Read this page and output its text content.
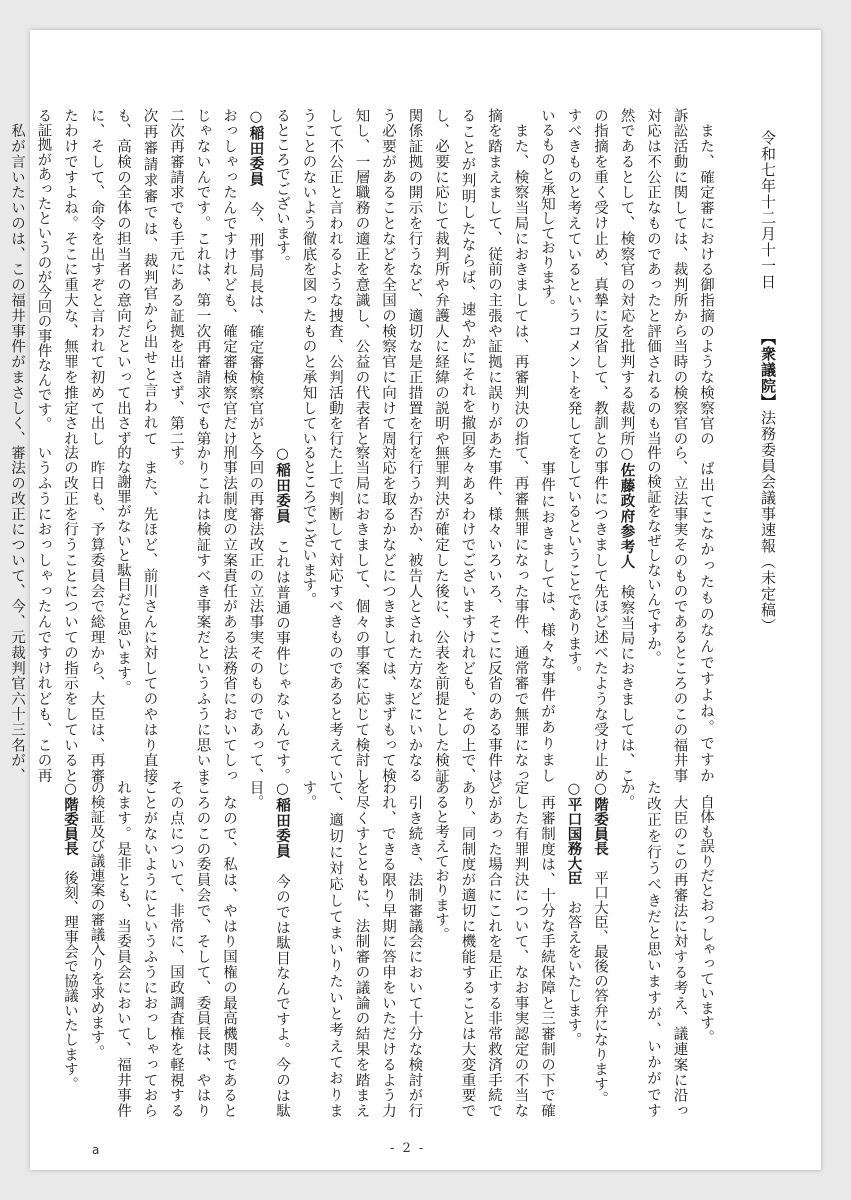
令和七年十二月十一日
【衆議院】法務委員会議事速報（未定稿）

　また、確定審における御指摘のような検察官の訴訟活動に関しては、裁判所から当時の検察官の対応は不公正なものであったと評価されるのも当然であるとして、検察官の対応を批判する裁判所の指摘を重く受け止め、真摯に反省して、教訓とすべきものと考えているというコメントを発しているものと承知しております。

　また、検察当局におきましては、再審判決の指摘を踏まえまして、従前の主張や証拠に誤りがあることが判明したならば、速やかにそれを撤回し、必要に応じて裁判所や弁護人に経緯の説明や関係証拠の開示を行うなど、適切な是正措置を行う必要があることなどを全国の検察官に向けて周知し、一層職務の適正を意識し、公益の代表者として不公正と言われるような捜査、公判活動を行うことのないよう徹底を図ったものと承知しているところでございます。

○稲田委員　今、刑事局長は、確定審検察官がとおっしゃったんですけれども、確定審検察官だけじゃないんです。これは、第一次再審請求でも第二次再審請求でも手元にある証拠を出さず、第二次再審請求審では、裁判官から出せと言われても、高検の全体の担当者の意向だといって出さずに、そして、命令を出すぞと言われて初めて出したわけですよね。そこに重大な、無罪を推定される証拠があったというのが今回の事件なんです。

　私が言いたいのは、この福井事件がまさしく、

　ば出てこなかったものなんですよね。ですから、立法事実そのものであるところのこの福井事件の検証をなぜしないんですか。

○佐藤政府参考人　検察当局におきましては、この事件につきまして先ほど述べたような受け止めをしているということであります。

　事件におきましては、様々な事件がありまして、再審無罪になった事件、通常審で無罪になった事件、様々いろいろ、そこに反省のある事件は多々あるわけでございますけれども、その上で、無罪判決が確定した後に、公表を前提とした検証を行うか否か、被告人とされた方などにいかなる対応を取るかなどにつきましては、まずもって検察当局におきまして、個々の事案に応じて検討した上で判断して対応すべきものであると考えているところでございます。

○稲田委員　これは普通の事件じゃないんです。今回の再審法改正の立法事実そのものであって、刑事法制度の立案責任がある法務省においてしっかりこれは検証すべき事案だというふうに思います。

　また、先ほど、前川さんに対してのやはり直接的な謝罪がないと駄目だと思います。

　昨日も、予算委員会で総理から、大臣は、再審法の改正を行うことについての指示をしているというふうにおっしゃったんですけれども、この再審法の改正について、今、元裁判官六十三名が、

　自体も誤りだとおっしゃっています。

　大臣のこの再審法に対する考え、議連案に沿った改正を行うべきだと思いますが、いかがですか。

○階委員長　平口大臣、最後の答弁になります。

○平口国務大臣　お答えをいたします。

　再審制度は、十分な手続保障と三審制の下で確定した有罪判決について、なお事実認定の不当などがあった場合にこれを是正する非常救済手続であり、同制度が適切に機能することは大変重要であると考えております。

　引き続き、法制審議会において十分な検討が行われ、できる限り早期に答申をいただけるよう力を尽くすとともに、法制審の議論の結果を踏まえて、適切に対応してまいりたいと考えております。

○稲田委員　今のでは駄目なんですよ。今のは駄目。

　なので、私は、やはり国権の最高機関であるところのこの委員会で、そして、委員長は、やはりその点について、非常に、国政調査権を軽視することがないようにというふうにおっしゃっておられます。是非とも、当委員会において、福井事件の検証及び議連案の審議入りを求めます。

○階委員長　後刻、理事会で協議いたします。

a	- 2 -
